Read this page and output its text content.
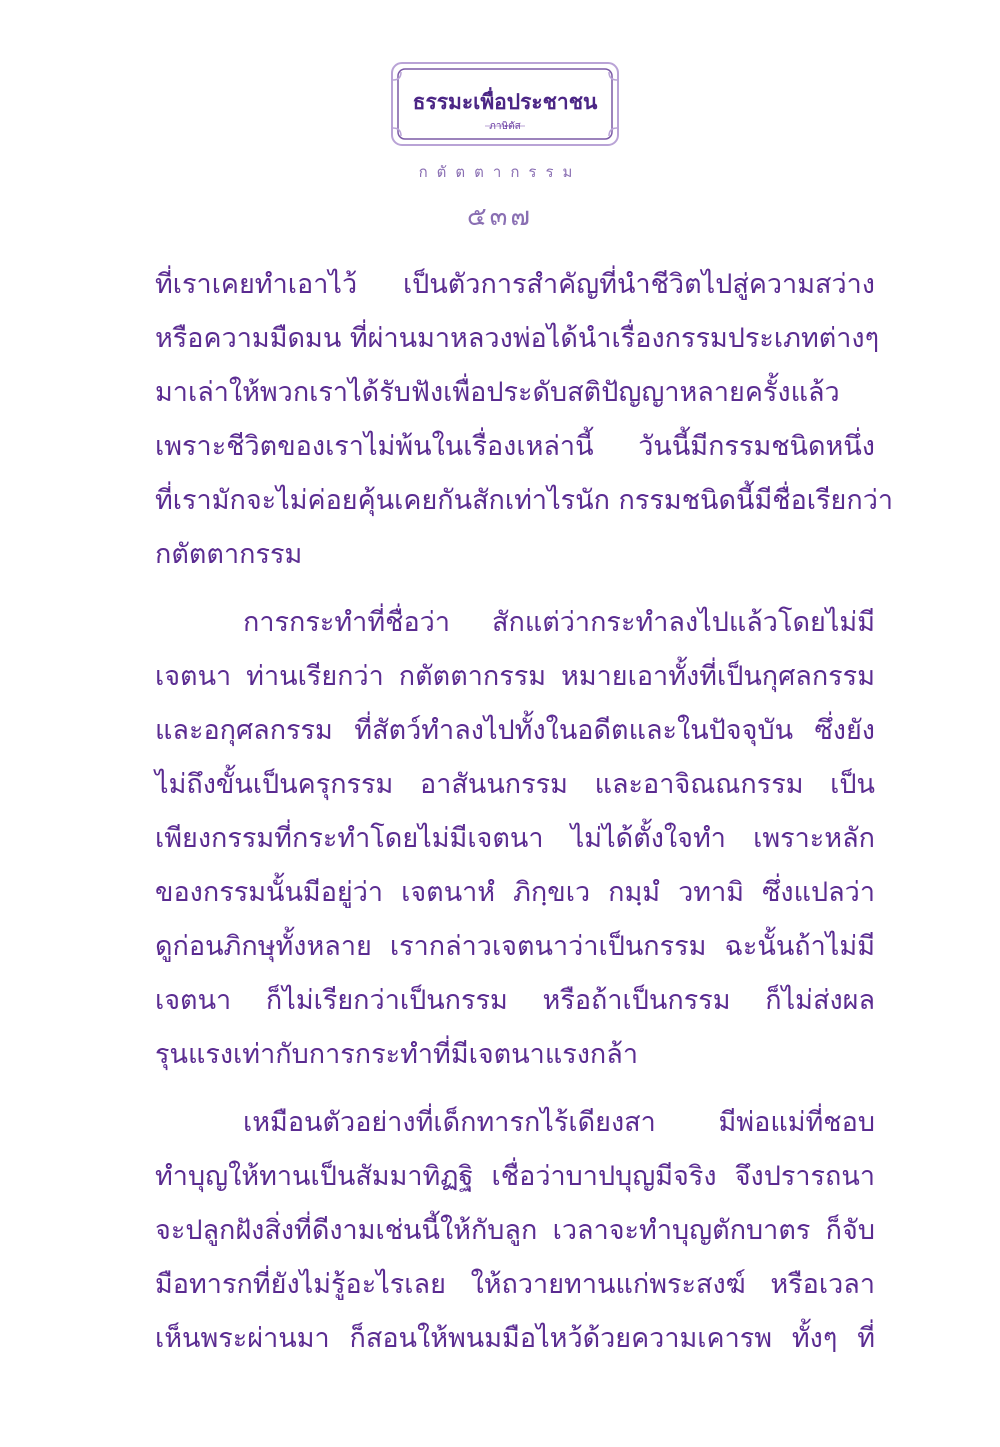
ธรรมะเพื่อประชาชน
ภาษิตัส
กตัตตากรรม
๕๓๗
ที่เราเคยทำเอาไว้ เป็นตัวการสำคัญที่นำชีวิตไปสู่ความสว่าง
หรือความมืดมน ที่ผ่านมาหลวงพ่อได้นำเรื่องกรรมประเภทต่างๆ
มาเล่าให้พวกเราได้รับฟังเพื่อประดับสติปัญญาหลายครั้งแล้ว
เพราะชีวิตของเราไม่พ้นในเรื่องเหล่านี้ วันนี้มีกรรมชนิดหนึ่ง
ที่เรามักจะไม่ค่อยคุ้นเคยกันสักเท่าไรนัก กรรมชนิดนี้มีชื่อเรียกว่า
กตัตตากรรม
การกระทำที่ชื่อว่า สักแต่ว่ากระทำลงไปแล้วโดยไม่มี
เจตนา ท่านเรียกว่า กตัตตากรรม หมายเอาทั้งที่เป็นกุศลกรรม
และอกุศลกรรม ที่สัตว์ทำลงไปทั้งในอดีตและในปัจจุบัน ซึ่งยัง
ไม่ถึงขั้นเป็นครุกรรม อาสันนกรรม และอาจิณณกรรม เป็น
เพียงกรรมที่กระทำโดยไม่มีเจตนา ไม่ได้ตั้งใจทำ เพราะหลัก
ของกรรมนั้นมีอยู่ว่า เจตนาหํ ภิกฺขเว กมฺมํ วทามิ ซึ่งแปลว่า
ดูก่อนภิกษุทั้งหลาย เรากล่าวเจตนาว่าเป็นกรรม ฉะนั้นถ้าไม่มี
เจตนา ก็ไม่เรียกว่าเป็นกรรม หรือถ้าเป็นกรรม ก็ไม่ส่งผล
รุนแรงเท่ากับการกระทำที่มีเจตนาแรงกล้า
เหมือนตัวอย่างที่เด็กทารกไร้เดียงสา มีพ่อแม่ที่ชอบ
ทำบุญให้ทานเป็นสัมมาทิฏฐิ เชื่อว่าบาปบุญมีจริง จึงปรารถนา
จะปลูกฝังสิ่งที่ดีงามเช่นนี้ให้กับลูก เวลาจะทำบุญตักบาตร ก็จับ
มือทารกที่ยังไม่รู้อะไรเลย ให้ถวายทานแก่พระสงฆ์ หรือเวลา
เห็นพระผ่านมา ก็สอนให้พนมมือไหว้ด้วยความเคารพ ทั้งๆ ที่
